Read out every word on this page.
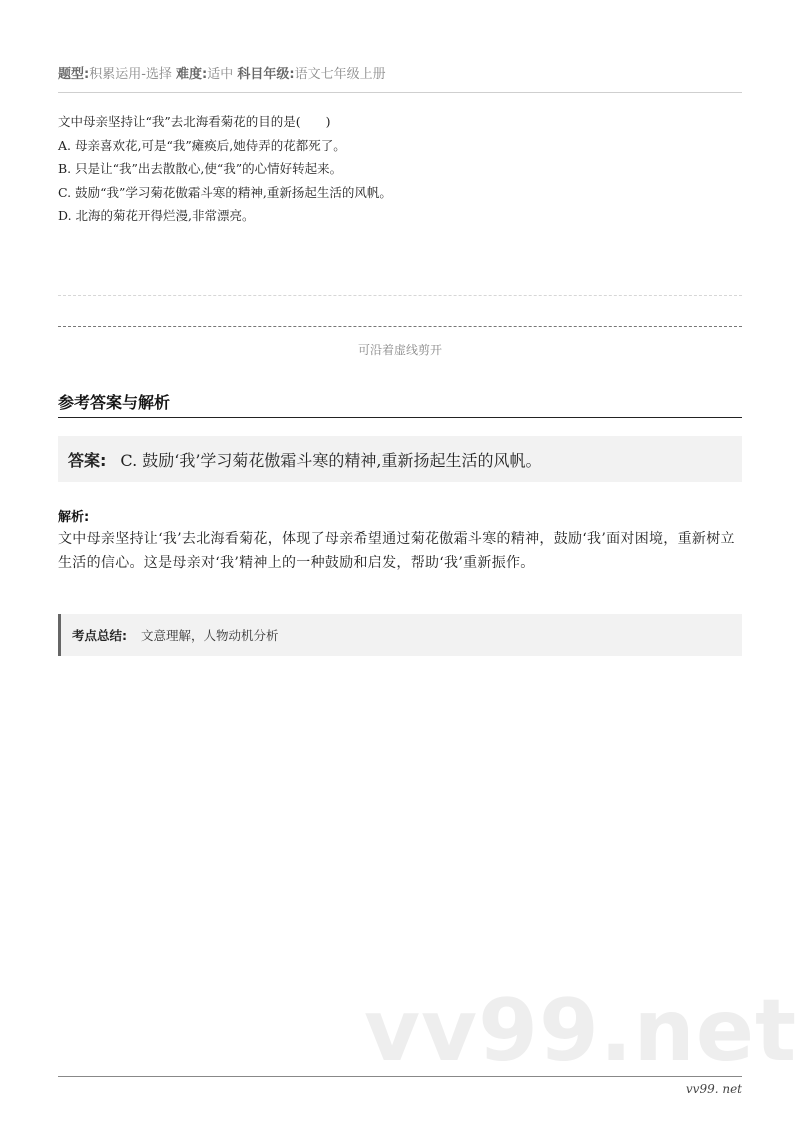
题型:积累运用-选择 难度:适中 科目年级:语文七年级上册
文中母亲坚持让“我”去北海看菊花的目的是(　　)
A. 母亲喜欢花,可是“我”瘫痪后,她侍弄的花都死了。
B. 只是让“我”出去散散心,使“我”的心情好转起来。
C. 鼓励“我”学习菊花傲霜斗寒的精神,重新扬起生活的风帆。
D. 北海的菊花开得烂漫,非常漂亮。
可沿着虚线剪开
参考答案与解析
答案: C. 鼓励‘我’学习菊花傲霜斗寒的精神,重新扬起生活的风帆。
解析:
文中母亲坚持让‘我’去北海看菊花，体现了母亲希望通过菊花傲霜斗寒的精神，鼓励‘我’面对困境，重新树立生活的信心。这是母亲对‘我’精神上的一种鼓励和启发，帮助‘我’重新振作。
考点总结: 文意理解，人物动机分析
vv99.net
vv99. net
